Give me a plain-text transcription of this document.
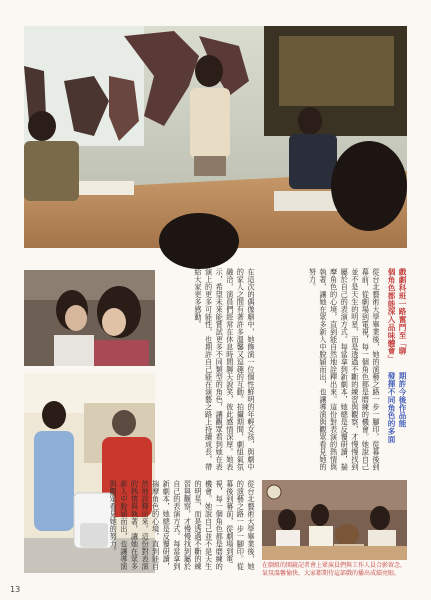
戲劇科班一路奮鬥至「聊
個角色都能深入品味體會」
從台北藝術大學畢業後，她的演藝之路一步一腳印。從幕後到幕前，從劇場到電視，每一個角色都是磨練的機會。她說自己並不是天生的明星，而是透過不斷的練習與觀察，才慢慢找到屬於自己的表演方式。每當拿到新劇本，她總是反覆研讀，揣摩角色的心境，直到能自然地詮釋出來。這份對表演的熱情與執著，讓她在眾多新人中脫穎而出，也讓導演與觀眾看見她的努力。
在這次的偶像劇中，她飾演一位個性鮮明的年輕女孩，與劇中的家人之間有著許多溫馨又逗趣的互動。拍攝期間，劇組氣氛融洽，演員們經常在休息時間聊天說笑，彼此感情深厚。她表示，希望未來能嘗試更多不同類型的角色，讓觀眾看到她在表演上的更多可能性，也期許自己能在演藝之路上持續成長，帶給大家更多感動。
期許今後作品能
發揮不同角色的多面
從台北藝術大學畢業後，她的演藝之路一步一腳印。從幕後到幕前，從劇場到電視，每一個角色都是磨練的機會。她說自己並不是天生的明星，而是透過不斷的練習與觀察，才慢慢找到屬於自己的表演方式。每當拿到新劇本，她總是反覆研讀，揣摩角色的心境，直到能自然地詮釋出來。這份對表演的熱情與執著，讓她在眾多新人中脫穎而出，也讓導演與觀眾看見她的努力。
在劇組的開鏡記者會上眾演員們與工作人員合影留念，氣氛溫馨愉快，大家都期待這部戲的播出成績亮眼。
13
